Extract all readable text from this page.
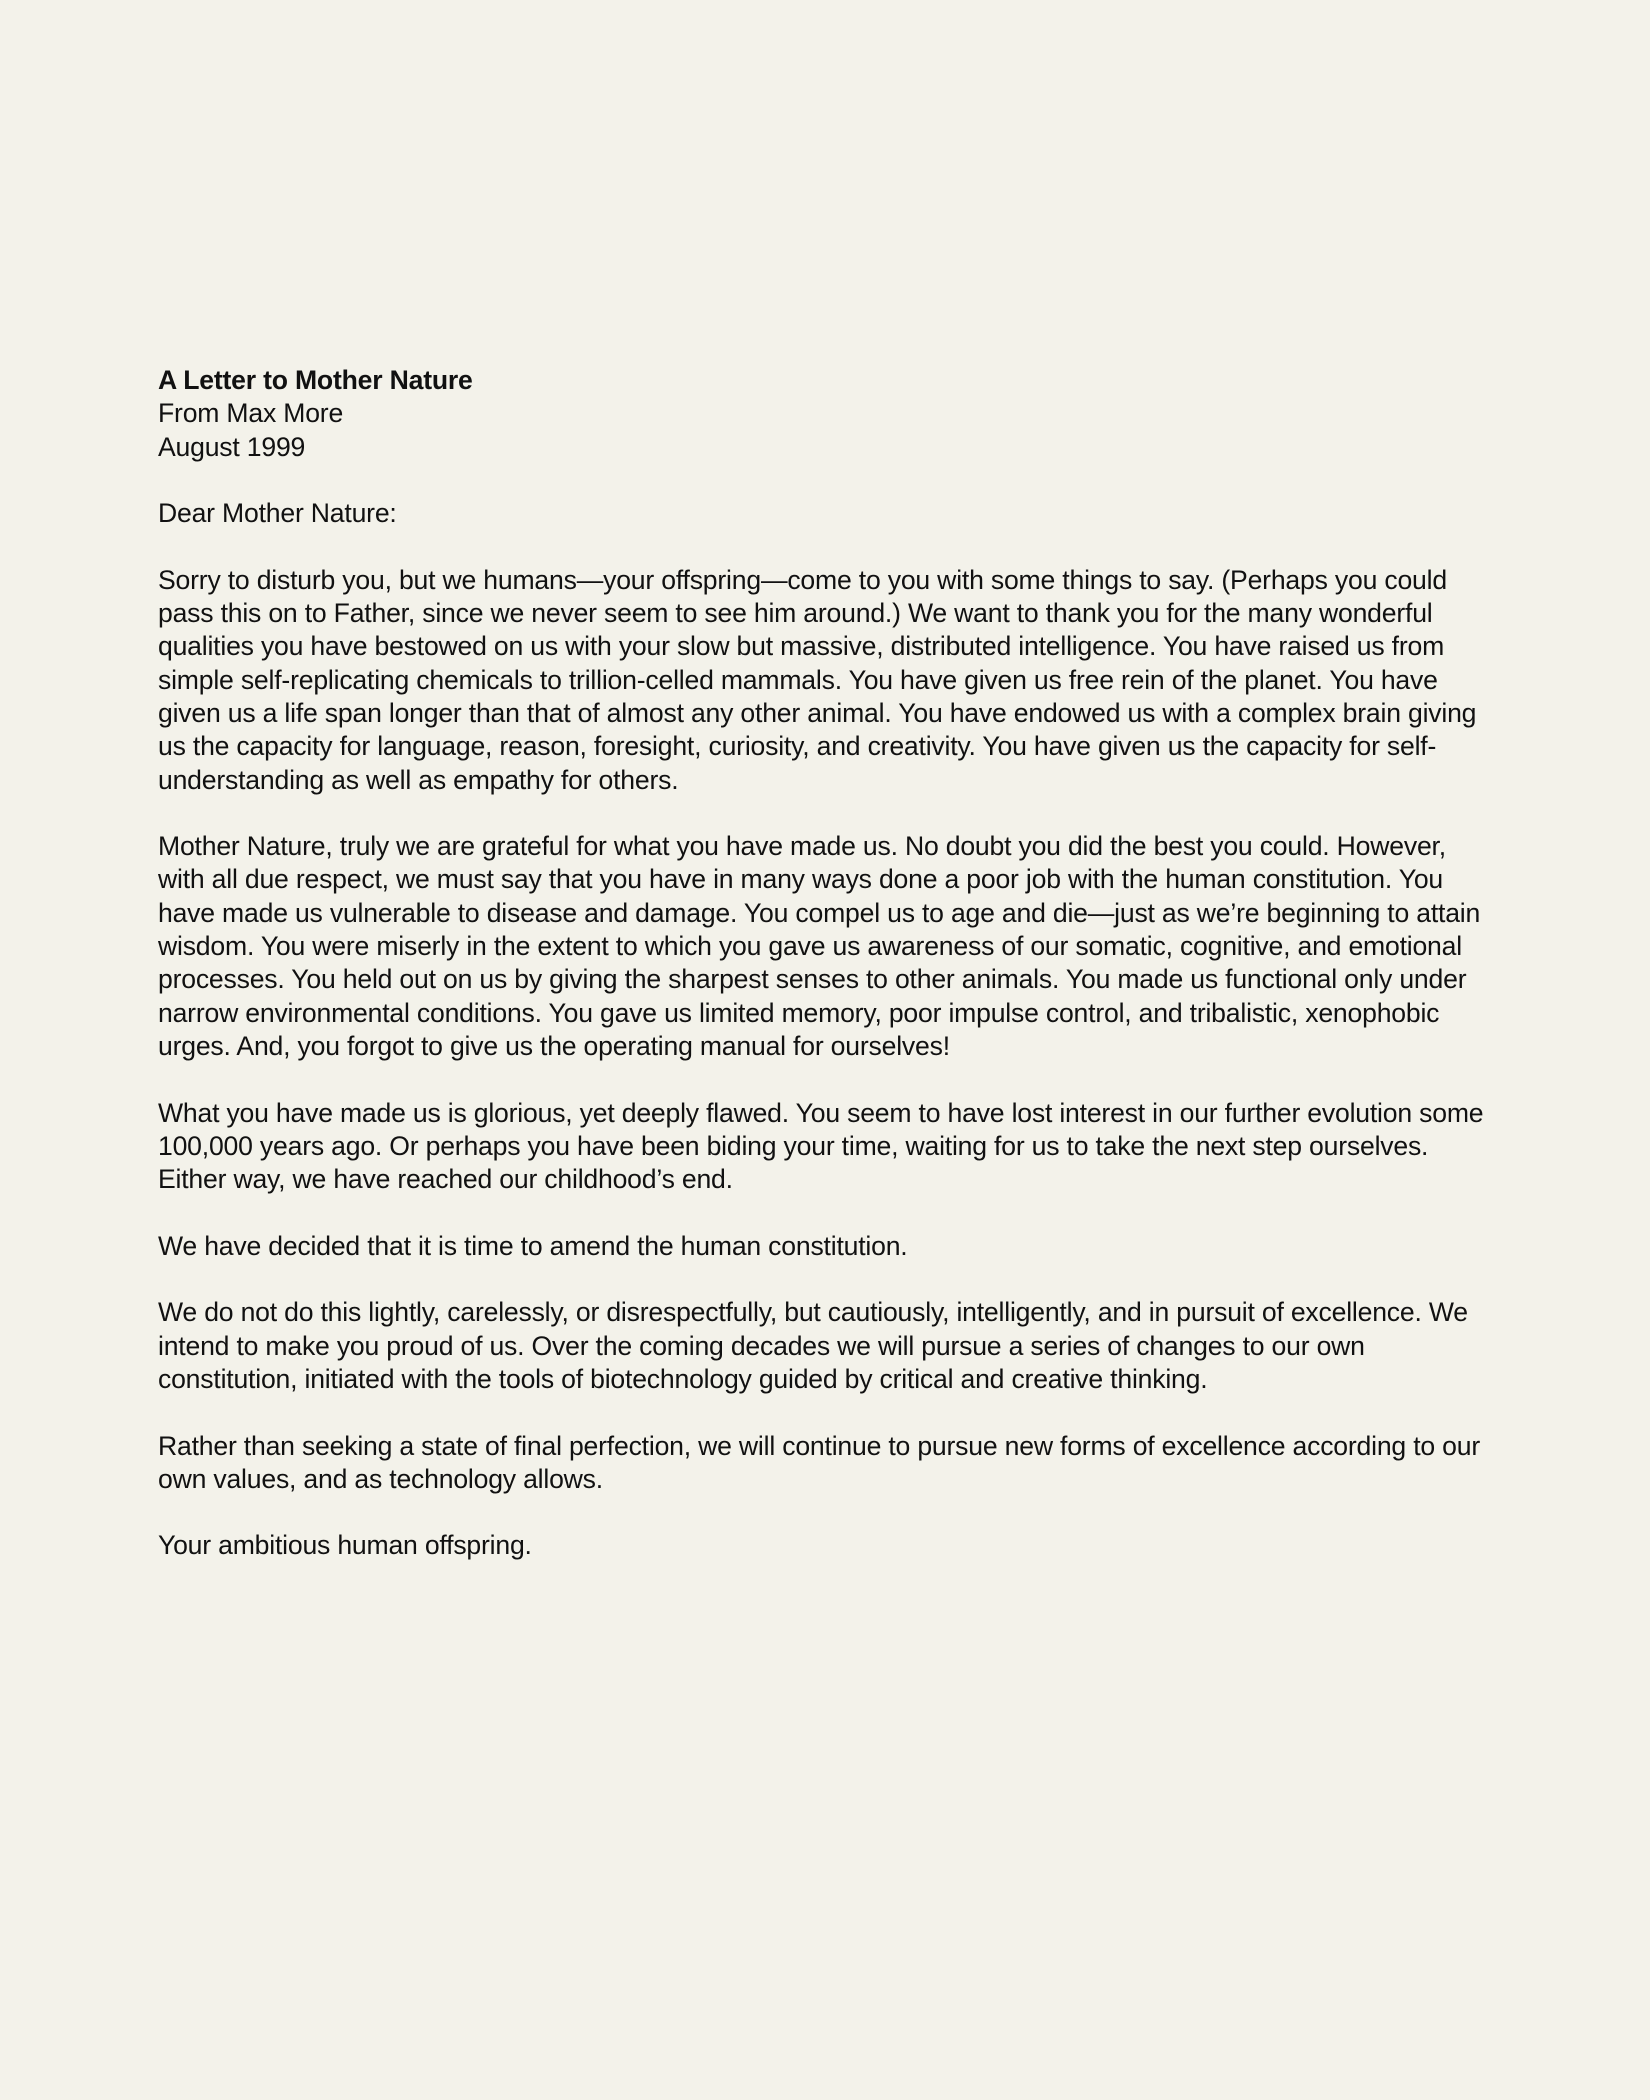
A Letter to Mother Nature

From Max More

August 1999

Dear Mother Nature:

Sorry to disturb you, but we humans—your offspring—come to you with some things to say. (Perhaps you could pass this on to Father, since we never seem to see him around.) We want to thank you for the many wonderful qualities you have bestowed on us with your slow but massive, distributed intelligence. You have raised us from simple self-replicating chemicals to trillion-celled mammals. You have given us free rein of the planet. You have given us a life span longer than that of almost any other animal. You have endowed us with a complex brain giving us the capacity for language, reason, foresight, curiosity, and creativity. You have given us the capacity for self-understanding as well as empathy for others.

Mother Nature, truly we are grateful for what you have made us. No doubt you did the best you could. However, with all due respect, we must say that you have in many ways done a poor job with the human constitution. You have made us vulnerable to disease and damage. You compel us to age and die—just as we’re beginning to attain wisdom. You were miserly in the extent to which you gave us awareness of our somatic, cognitive, and emotional processes. You held out on us by giving the sharpest senses to other animals. You made us functional only under narrow environmental conditions. You gave us limited memory, poor impulse control, and tribalistic, xenophobic urges. And, you forgot to give us the operating manual for ourselves!

What you have made us is glorious, yet deeply flawed. You seem to have lost interest in our further evolution some 100,000 years ago. Or perhaps you have been biding your time, waiting for us to take the next step ourselves. Either way, we have reached our childhood’s end.

We have decided that it is time to amend the human constitution.

We do not do this lightly, carelessly, or disrespectfully, but cautiously, intelligently, and in pursuit of excellence. We intend to make you proud of us. Over the coming decades we will pursue a series of changes to our own constitution, initiated with the tools of biotechnology guided by critical and creative thinking.

Rather than seeking a state of final perfection, we will continue to pursue new forms of excellence according to our own values, and as technology allows.

Your ambitious human offspring.
